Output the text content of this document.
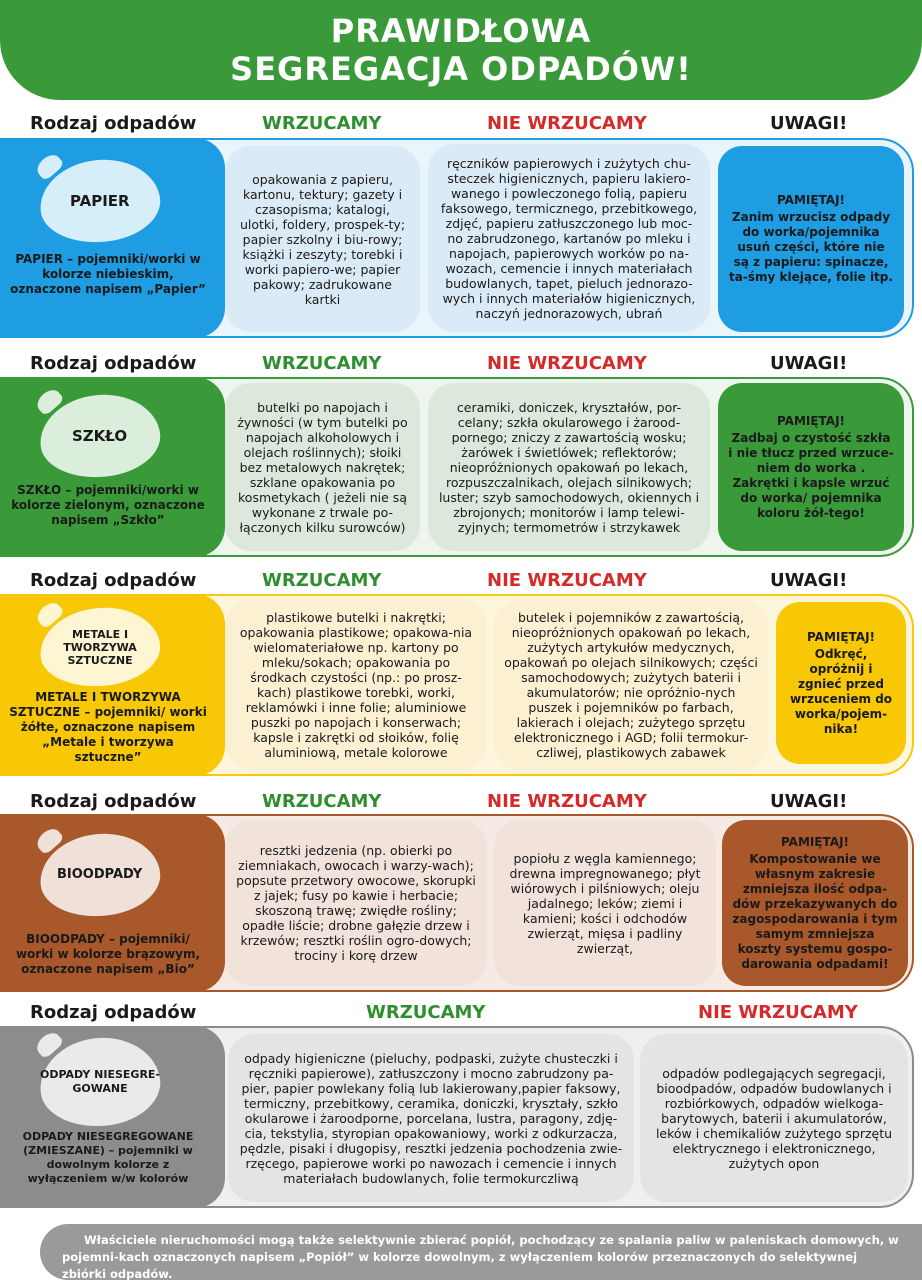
PRAWIDŁOWA
SEGREGACJA ODPADÓW!
Rodzaj odpadów	WRZUCAMY	NIE WRZUCAMY	UWAGI!
PAPIER
PAPIER – pojemniki/worki w kolorze niebieskim, oznaczone napisem „Papier”
opakowania z papieru, kartonu, tektury; gazety i czasopisma; katalogi, ulotki, foldery, prospek-ty; papier szkolny i biu-rowy; książki i zeszyty; torebki i worki papiero-we; papier pakowy; zadrukowane kartki
ręczników papierowych i zużytych chu-steczek higienicznych, papieru lakiero-wanego i powleczonego folią, papieru faksowego, termicznego, przebitkowego, zdjęć, papieru zatłuszczonego lub moc-no zabrudzonego, kartanów po mleku i napojach, papierowych worków po na-wozach, cemencie i innych materiałach budowlanych, tapet, pieluch jednorazo-wych i innych materiałów higienicznych, naczyń jednorazowych, ubrań
PAMIĘTAJ!
Zanim wrzucisz odpady do worka/pojemnika usuń części, które nie są z papieru: spinacze, ta-śmy klejące, folie itp.
Rodzaj odpadów	WRZUCAMY	NIE WRZUCAMY	UWAGI!
SZKŁO
SZKŁO – pojemniki/worki w kolorze zielonym, oznaczone napisem „Szkło”
butelki po napojach i żywności (w tym butelki po napojach alkoholowych i olejach roślinnych); słoiki bez metalowych nakrętek; szklane opakowania po kosmetykach ( jeżeli nie są wykonane z trwale po-łączonych kilku surowców)
ceramiki, doniczek, kryształów, por-celany; szkła okularowego i żarood-pornego; zniczy z zawartością wosku; żarówek i świetlówek; reflektorów; nieopróżnionych opakowań po lekach, rozpuszczalnikach, olejach silnikowych; luster; szyb samochodowych, okiennych i zbrojonych; monitorów i lamp telewi-zyjnych; termometrów i strzykawek
PAMIĘTAJ!
Zadbaj o czystość szkła i nie tłucz przed wrzuce-niem do worka . Zakrętki i kapsle wrzuć do worka/ pojemnika koloru żół-tego!
Rodzaj odpadów	WRZUCAMY	NIE WRZUCAMY	UWAGI!
METALE I TWORZYWA SZTUCZNE
METALE I TWORZYWA SZTUCZNE – pojemniki/ worki żółte, oznaczone napisem „Metale i tworzywa sztuczne”
plastikowe butelki i nakrętki; opakowania plastikowe; opakowa-nia wielomateriałowe np. kartony po mleku/sokach; opakowania po środkach czystości (np.: po prosz-kach) plastikowe torebki, worki, reklamówki i inne folie; aluminiowe puszki po napojach i konserwach; kapsle i zakrętki od słoików, folię aluminiową, metale kolorowe
butelek i pojemników z zawartością, nieopróżnionych opakowań po lekach, zużytych artykułów medycznych, opakowań po olejach silnikowych; części samochodowych; zużytych baterii i akumulatorów; nie opróżnio-nych puszek i pojemników po farbach, lakierach i olejach; zużytego sprzętu elektronicznego i AGD; folii termokur-czliwej, plastikowych zabawek
PAMIĘTAJ!
Odkręć, opróżnij i zgnieć przed wrzuceniem do worka/pojem-nika!
Rodzaj odpadów	WRZUCAMY	NIE WRZUCAMY	UWAGI!
BIOODPADY
BIOODPADY – pojemniki/ worki w kolorze brązowym, oznaczone napisem „Bio”
resztki jedzenia (np. obierki po ziemniakach, owocach i warzy-wach); popsute przetwory owocowe, skorupki z jajek; fusy po kawie i herbacie; skoszoną trawę; zwiędłe rośliny; opadłe liście; drobne gałęzie drzew i krzewów; resztki roślin ogro-dowych; trociny i korę drzew
popiołu z węgla kamiennego; drewna impregnowanego; płyt wiórowych i pilśniowych; oleju jadalnego; leków; ziemi i kamieni; kości i odchodów zwierząt, mięsa i padliny zwierząt,
PAMIĘTAJ!
Kompostowanie we własnym zakresie zmniejsza ilość odpa-dów przekazywanych do zagospodarowania i tym samym zmniejsza koszty systemu gospo-darowania odpadami!
Rodzaj odpadów	WRZUCAMY	NIE WRZUCAMY
ODPADY NIESEGRE-GOWANE
ODPADY NIESEGREGOWANE (ZMIESZANE) – pojemniki w dowolnym kolorze z wyłączeniem w/w kolorów
odpady higieniczne (pieluchy, podpaski, zużyte chusteczki i ręczniki papierowe), zatłuszczony i mocno zabrudzony pa-pier, papier powlekany folią lub lakierowany,papier faksowy, termiczny, przebitkowy, ceramika, doniczki, kryształy, szkło okularowe i żaroodporne, porcelana, lustra, paragony, zdję-cia, tekstylia, styropian opakowaniowy, worki z odkurzacza, pędzle, pisaki i długopisy, resztki jedzenia pochodzenia zwie-rzęcego, papierowe worki po nawozach i cemencie i innych materiałach budowlanych, folie termokurczliwą
odpadów podlegających segregacji, bioodpadów, odpadów budowlanych i rozbiórkowych, odpadów wielkoga-barytowych, baterii i akumulatorów, leków i chemikaliów zużytego sprzętu elektrycznego i elektronicznego, zużytych opon
Właściciele nieruchomości mogą także selektywnie zbierać popiół, pochodzący ze spalania paliw w paleniskach domowych, w pojemni-kach oznaczonych napisem „Popiół” w kolorze dowolnym, z wyłączeniem kolorów przeznaczonych do selektywnej zbiórki odpadów.
